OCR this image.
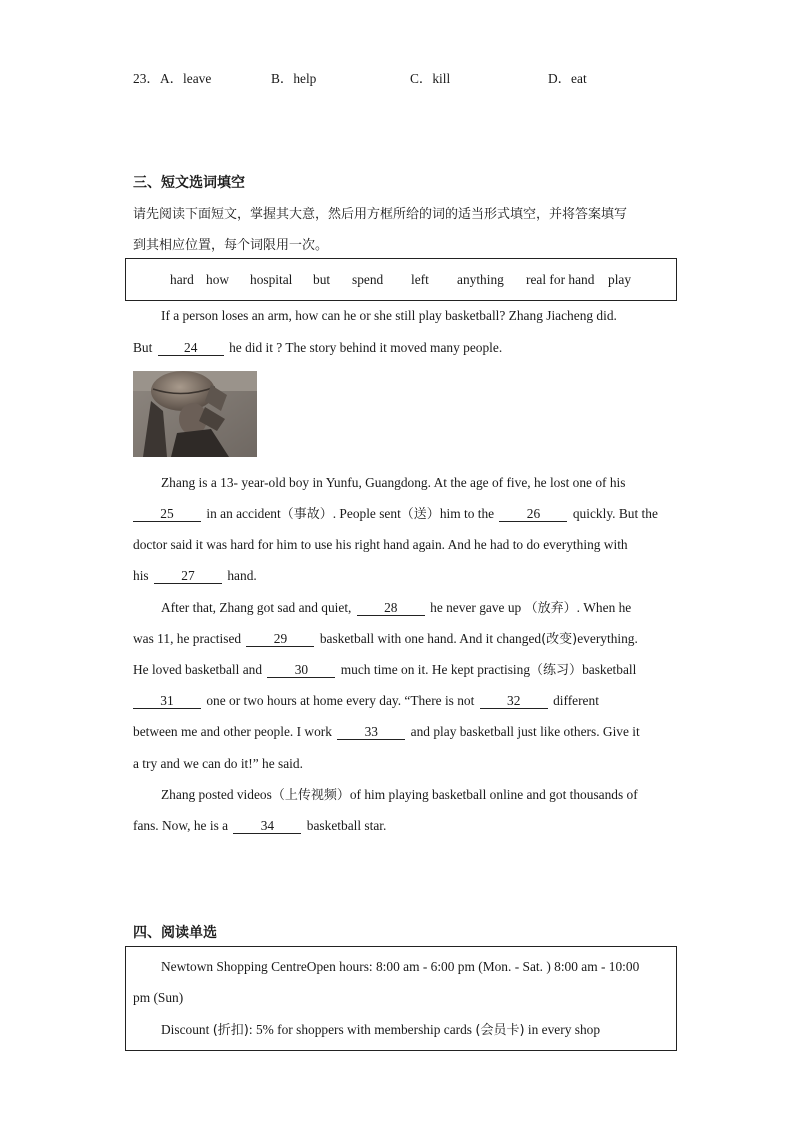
23． A．leave	B．help	C．kill	D．eat
三、短文选词填空
请先阅读下面短文，掌握其大意，然后用方框所给的词的适当形式填空，并将答案填写
到其相应位置，每个词限用一次。
hard how hospital but spend left anything real for hand play
If a person loses an arm, how can he or she still play basketball? Zhang Jiacheng did.
But 24 he did it ? The story behind it moved many people.
Zhang is a 13- year-old boy in Yunfu, Guangdong. At the age of five, he lost one of his
25 in an accident（事故）. People sent（送）him to the 26 quickly. But the
doctor said it was hard for him to use his right hand again. And he had to do everything with
his 27 hand.
After that, Zhang got sad and quiet, 28 he never gave up （放弃）. When he
was 11, he practised 29 basketball with one hand. And it changed(改变)everything.
He loved basketball and 30 much time on it. He kept practising（练习）basketball
31 one or two hours at home every day. “There is not 32 different
between me and other people. I work 33 and play basketball just like others. Give it
a try and we can do it!” he said.
Zhang posted videos（上传视频）of him playing basketball online and got thousands of
fans. Now, he is a 34 basketball star.
四、阅读单选
Newtown Shopping CentreOpen hours: 8:00 am - 6:00 pm (Mon. - Sat. ) 8:00 am - 10:00
pm (Sun)
Discount (折扣): 5% for shoppers with membership cards (会员卡) in every shop
